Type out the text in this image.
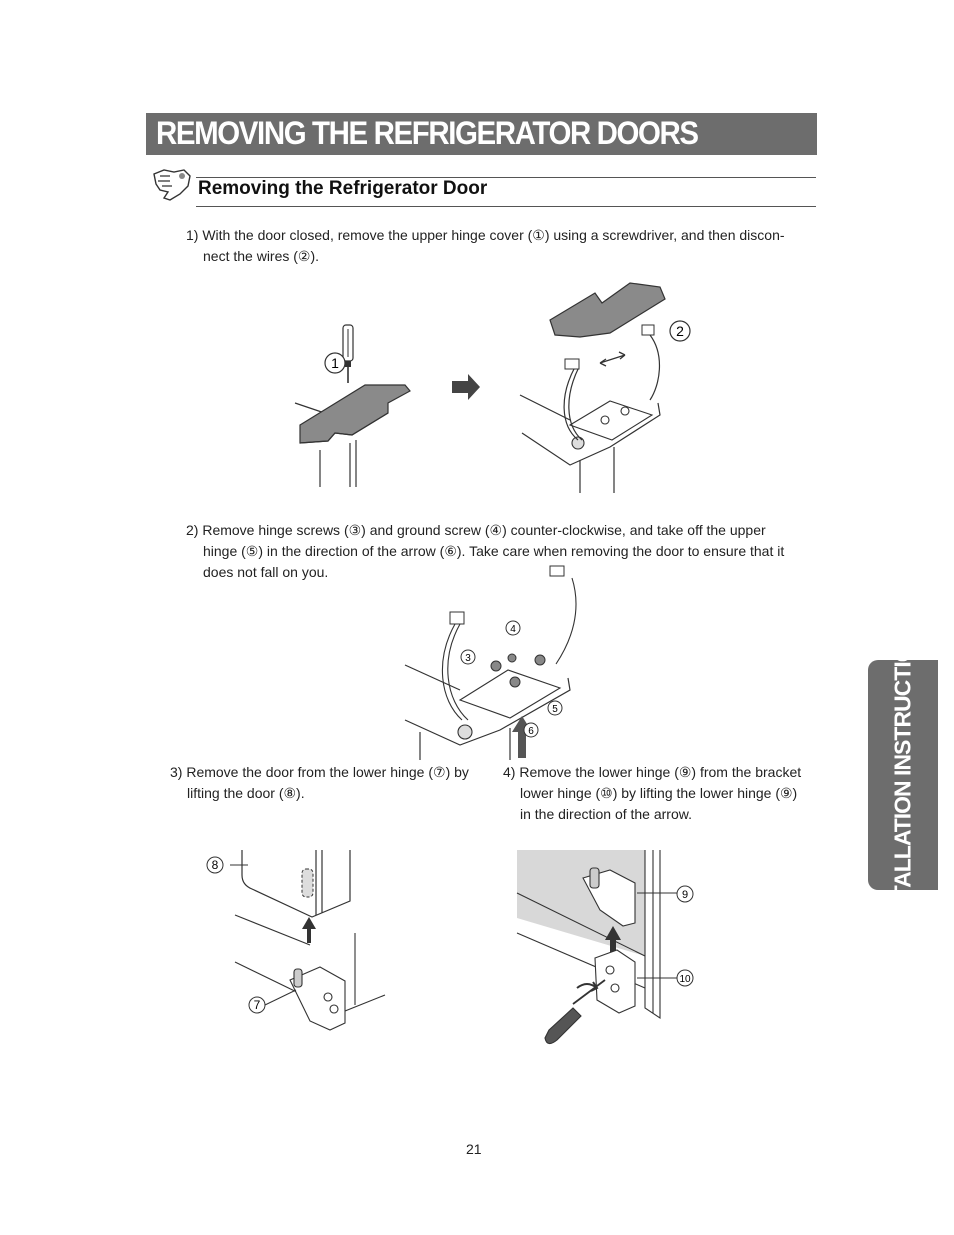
REMOVING THE REFRIGERATOR DOORS
Removing the Refrigerator Door
1) With the door closed, remove the upper hinge cover (①) using a screwdriver, and then discon-
nect the wires (②).
1
2
2) Remove hinge screws (③) and ground screw (④) counter-clockwise, and take off the upper
hinge (⑤) in the direction of the arrow (⑥). Take care when removing the door to ensure that it
does not fall on you.
3
4
5
6
3) Remove the door from the lower hinge (⑦) by
lifting the door (⑧).
4) Remove the lower hinge (⑨) from the bracket
lower hinge (⑩) by lifting the lower hinge (⑨)
in the direction of the arrow.
8
7
9
10
INSTALLATION INSTRUCTIONS
21
